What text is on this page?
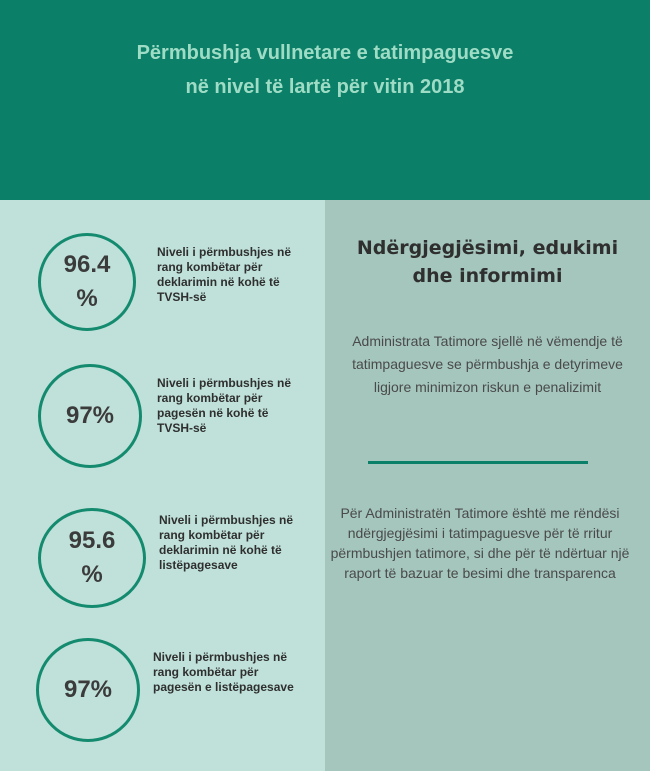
Përmbushja vullnetare e tatimpaguesve
në nivel të lartë për vitin 2018
96.4 %
Niveli i përmbushjes në rang kombëtar për deklarimin në kohë të TVSH-së
97%
Niveli i përmbushjes në rang kombëtar për pagesën në kohë të TVSH-së
95.6 %
Niveli i përmbushjes në rang kombëtar për deklarimin në kohë të listëpagesave
97%
Niveli i përmbushjes në rang kombëtar për pagesën e listëpagesave
Ndërgjegjësimi, edukimi dhe informimi
Administrata Tatimore sjellë në vëmendje të tatimpaguesve se përmbushja e detyrimeve ligjore minimizon riskun e penalizimit
Për Administratën Tatimore është me rëndësi ndërgjegjësimi i tatimpaguesve për të rritur përmbushjen tatimore, si dhe për të ndërtuar një raport të bazuar te besimi dhe transparenca
